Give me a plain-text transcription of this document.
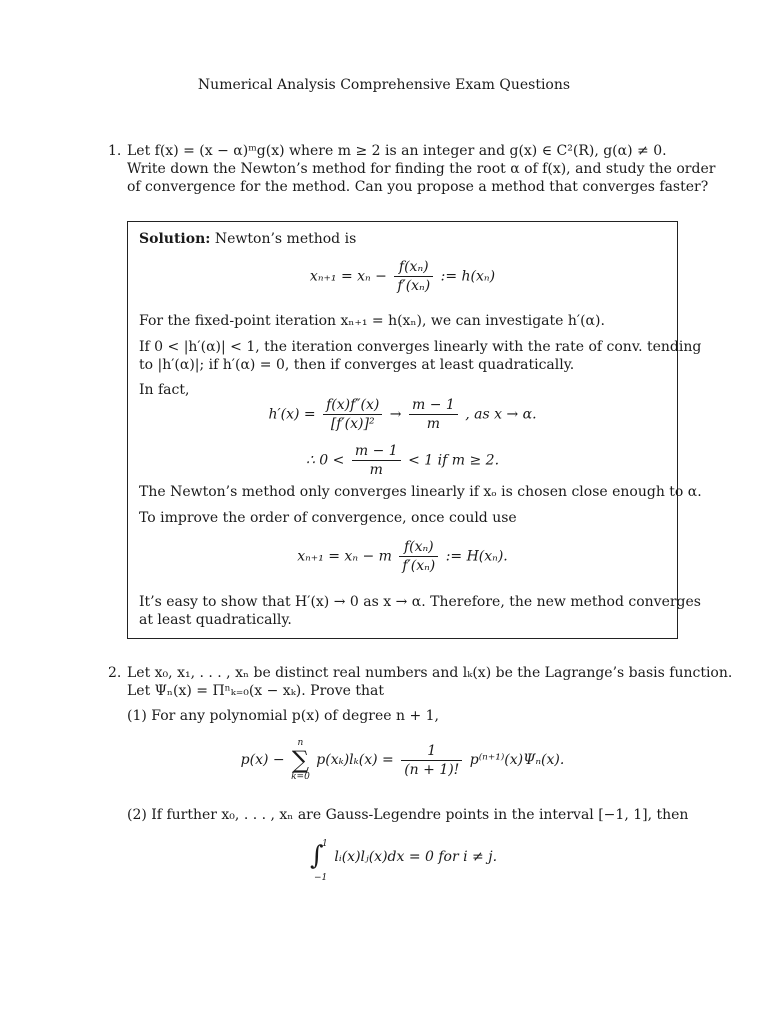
Numerical Analysis Comprehensive Exam Questions
1. Let f(x) = (x − α)ᵐg(x) where m ≥ 2 is an integer and g(x) ∈ C²(R), g(α) ≠ 0.
Write down the Newton’s method for finding the root α of f(x), and study the order
of convergence for the method. Can you propose a method that converges faster?
Solution: Newton’s method is
$x_{n+1} = x_n - \frac{\text{f(xₙ)}}{\text{f′(xₙ)}}$ := h(xₙ)
For the fixed-point iteration xₙ₊₁ = h(xₙ), we can investigate h′(α).
If 0 < |h′(α)| < 1, the iteration converges linearly with the rate of conv. tending
to |h′(α)|; if h′(α) = 0, then if converges at least quadratically.
In fact,
$h'(x) = \frac{f(x)f''(x)}{\text{[f′(x)]²}} \to \frac{m - 1}{m}$ , as x → α.
∴ $0 < \frac{m - 1}{m} < 1$ if m ≥ 2.
The Newton’s method only converges linearly if xₒ is chosen close enough to α.
To improve the order of convergence, once could use
xₙ₊₁ = xₙ − m $\frac{\text{f(xₙ)}}{\text{f′(xₙ)}}$ := H(xₙ).
It’s easy to show that H′(x) → 0 as x → α. Therefore, the new method converges
at least quadratically.
2. Let x₀, x₁, . . . , xₙ be distinct real numbers and lₖ(x) be the Lagrange’s basis function.
Let Ψₙ(x) = Πⁿₖ₌₀(x − xₖ). Prove that
(1) For any polynomial p(x) of degree n + 1,
p(x) −
n
∑
k=0
$p(x_k)l_k(x) = \frac{1}{(n + 1)!} p^{(n+1)}(x)\Psi_n(x)$.
(2) If further x₀, . . . , xₙ are Gauss-Legendre points in the interval [−1, 1], then
1
∫
−1
lᵢ(x)lⱼ(x)dx = 0 for i ≠ j.
